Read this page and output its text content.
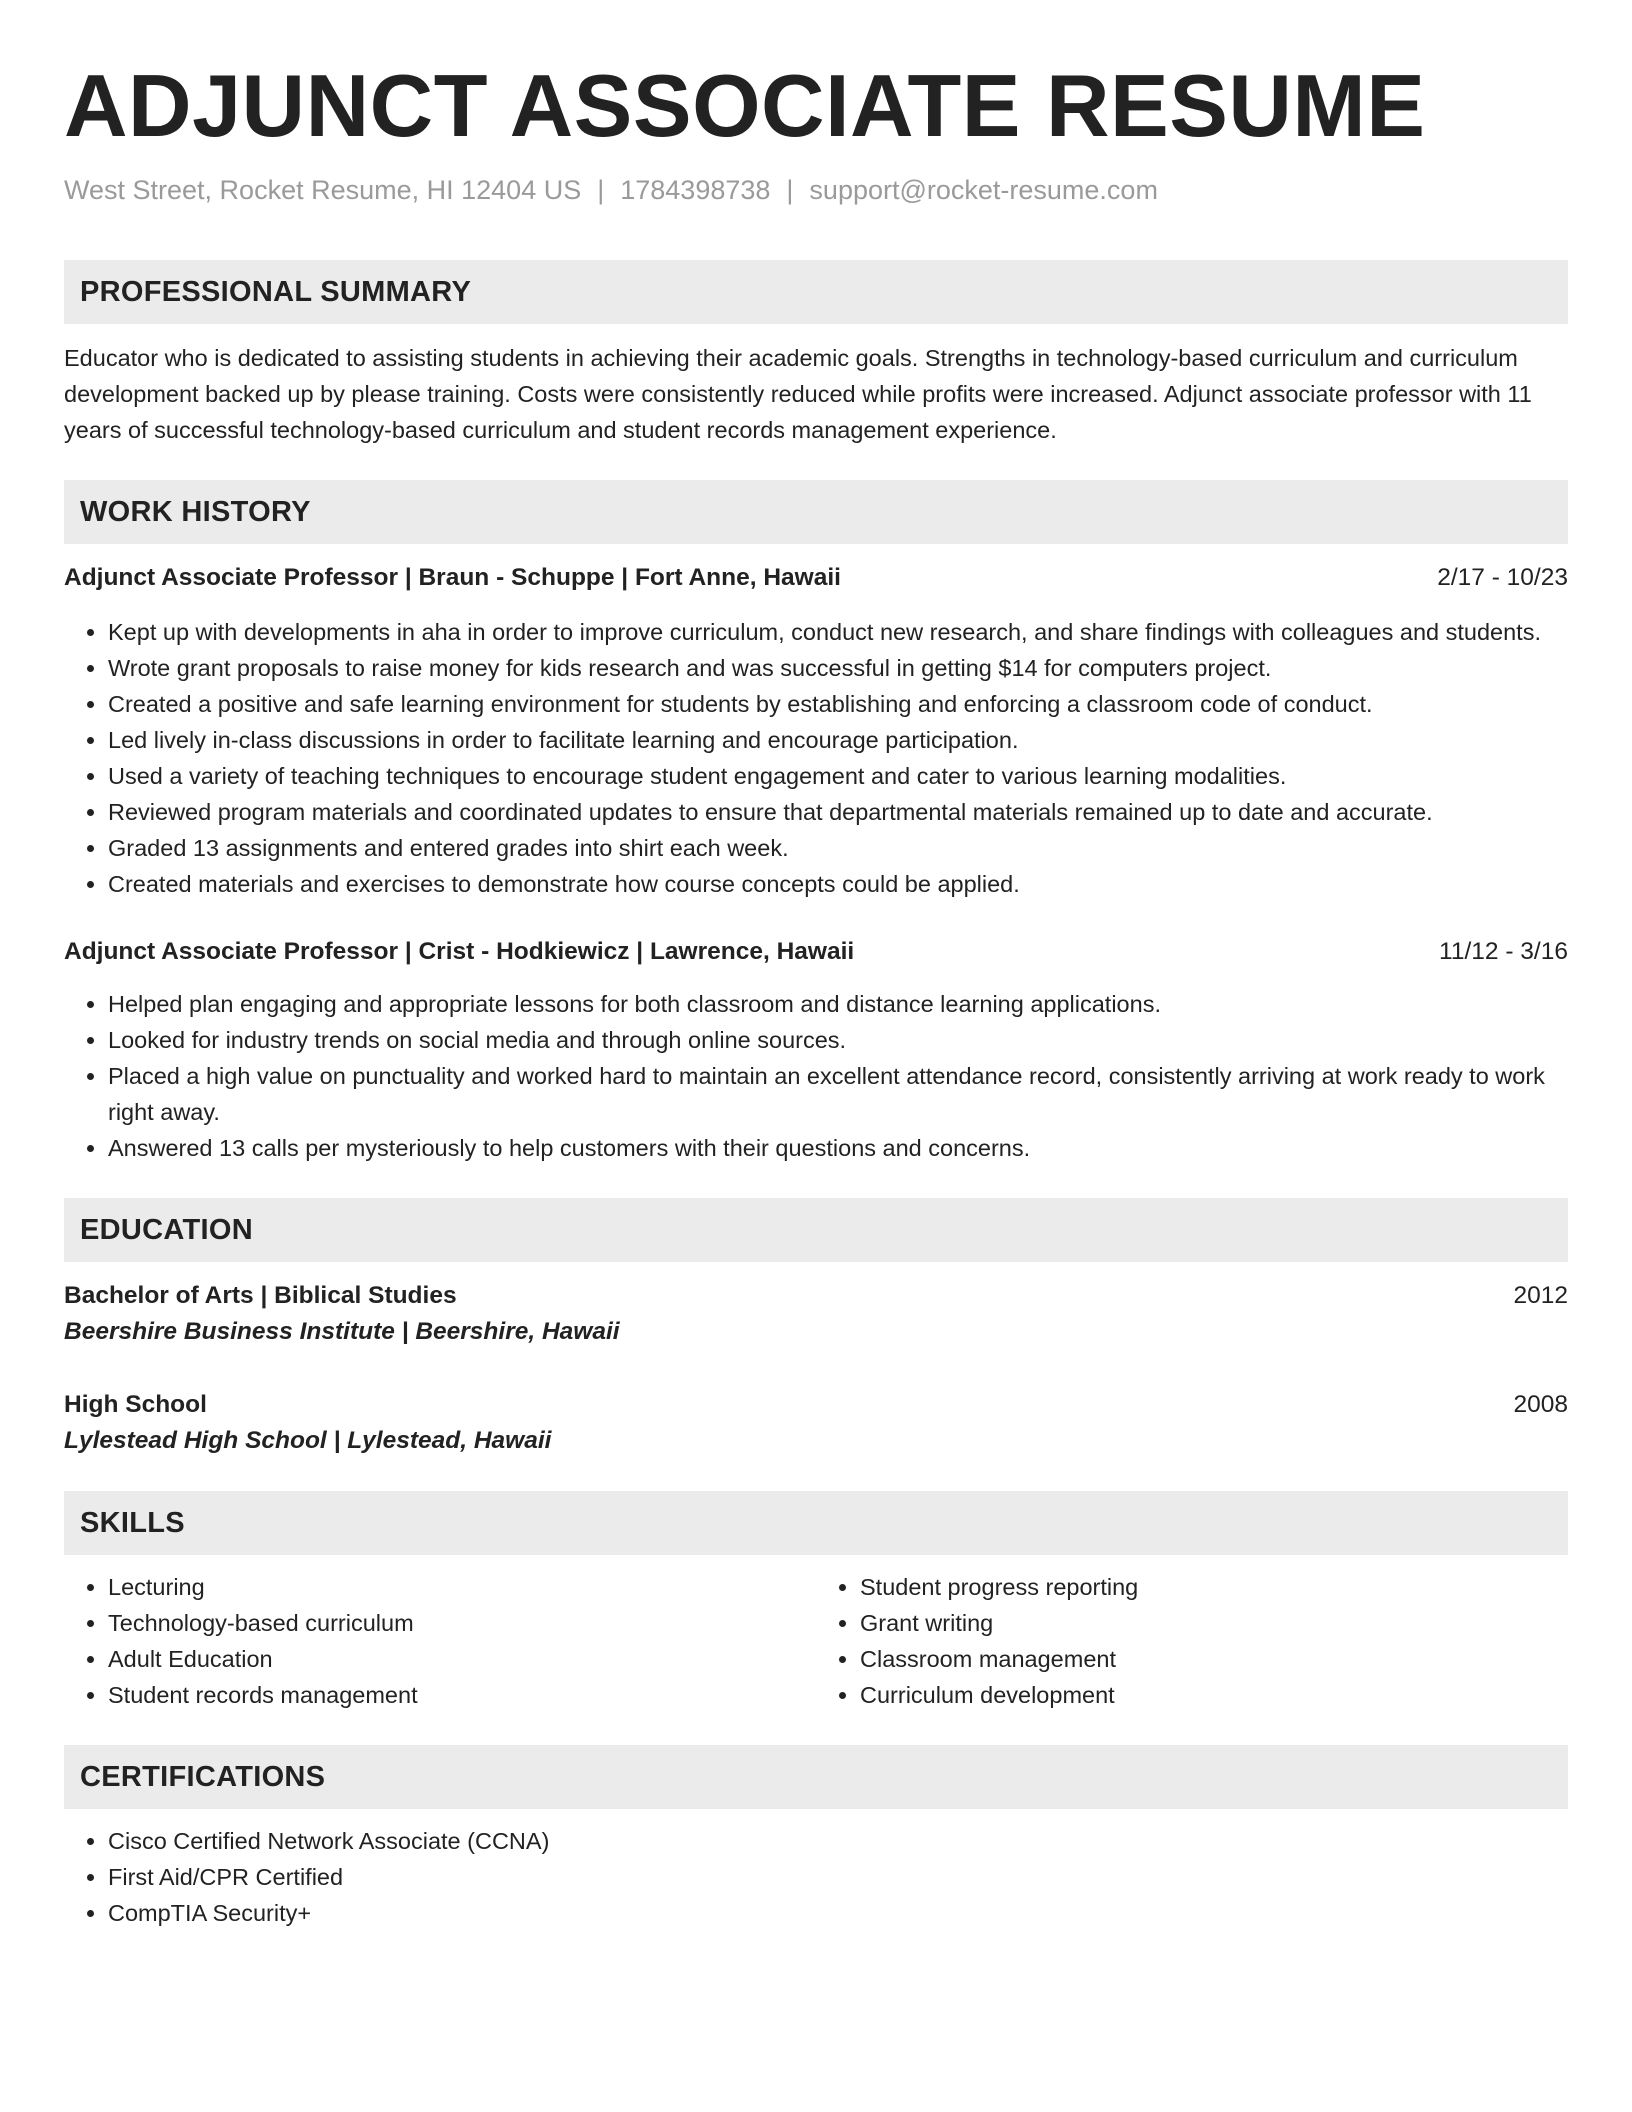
ADJUNCT ASSOCIATE RESUME
West Street, Rocket Resume, HI 12404 US | 1784398738 | support@rocket-resume.com
PROFESSIONAL SUMMARY

Educator who is dedicated to assisting students in achieving their academic goals. Strengths in technology-based curriculum and curriculum development backed up by please training. Costs were consistently reduced while profits were increased. Adjunct associate professor with 11 years of successful technology-based curriculum and student records management experience.

WORK HISTORY
Adjunct Associate Professor | Braun - Schuppe | Fort Anne, Hawaii	2/17 - 10/23
• Kept up with developments in aha in order to improve curriculum, conduct new research, and share findings with colleagues and students.
• Wrote grant proposals to raise money for kids research and was successful in getting $14 for computers project.
• Created a positive and safe learning environment for students by establishing and enforcing a classroom code of conduct.
• Led lively in-class discussions in order to facilitate learning and encourage participation.
• Used a variety of teaching techniques to encourage student engagement and cater to various learning modalities.
• Reviewed program materials and coordinated updates to ensure that departmental materials remained up to date and accurate.
• Graded 13 assignments and entered grades into shirt each week.
• Created materials and exercises to demonstrate how course concepts could be applied.
Adjunct Associate Professor | Crist - Hodkiewicz | Lawrence, Hawaii	11/12 - 3/16
• Helped plan engaging and appropriate lessons for both classroom and distance learning applications.
• Looked for industry trends on social media and through online sources.
• Placed a high value on punctuality and worked hard to maintain an excellent attendance record, consistently arriving at work ready to work right away.
• Answered 13 calls per mysteriously to help customers with their questions and concerns.
EDUCATION
Bachelor of Arts | Biblical Studies	2012
Beershire Business Institute | Beershire, Hawaii
High School	2008
Lylestead High School | Lylestead, Hawaii
SKILLS
• Lecturing
• Technology-based curriculum
• Adult Education
• Student records management
• Student progress reporting
• Grant writing
• Classroom management
• Curriculum development
CERTIFICATIONS
• Cisco Certified Network Associate (CCNA)
• First Aid/CPR Certified
• CompTIA Security+
